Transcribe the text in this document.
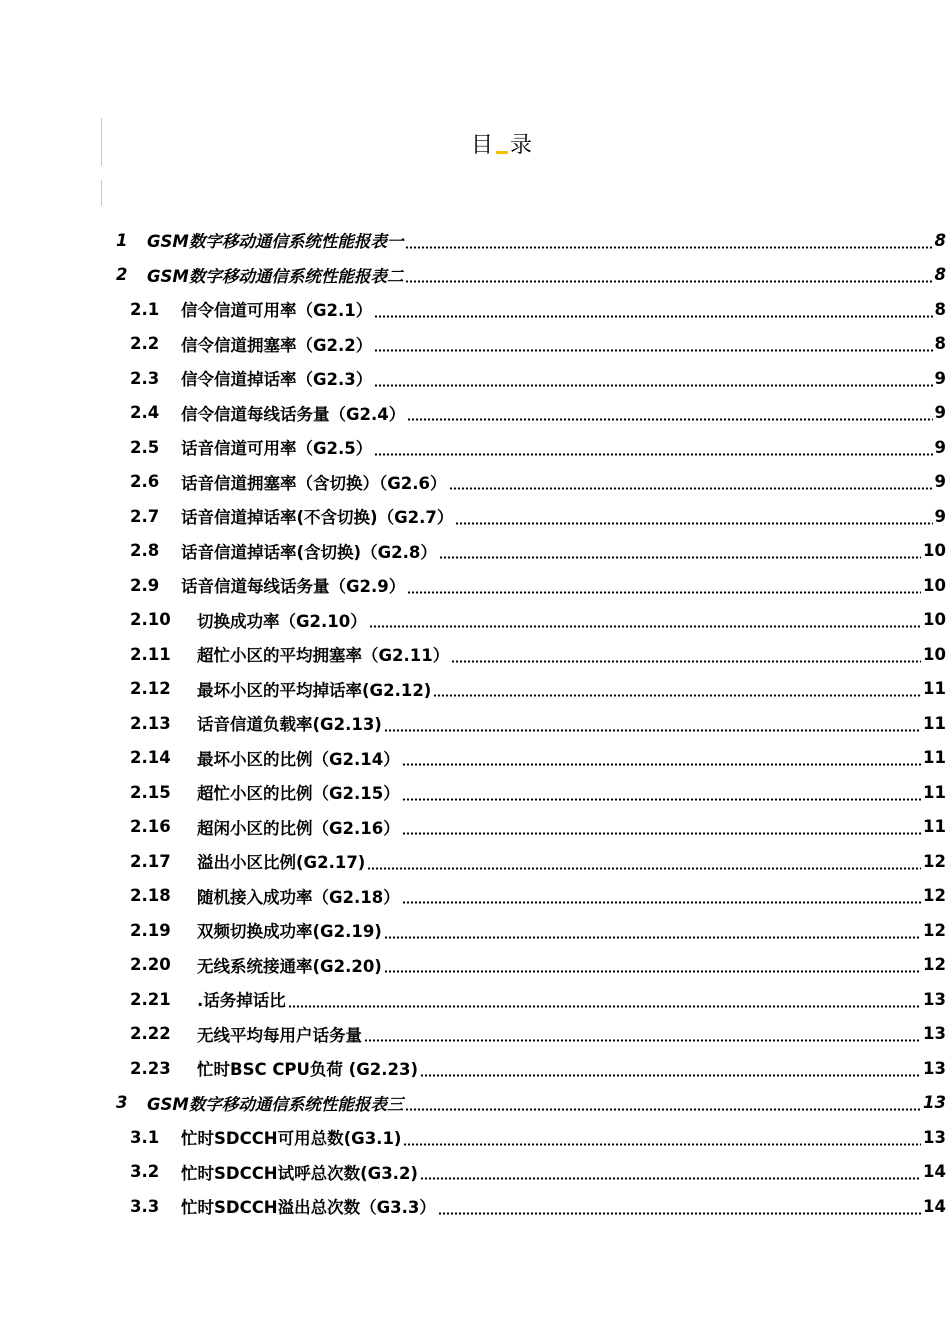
目 录
1	GSM数字移动通信系统性能报表一	8
2	GSM数字移动通信系统性能报表二	8
2.1	信令信道可用率（G2.1）	8
2.2	信令信道拥塞率（G2.2）	8
2.3	信令信道掉话率（G2.3）	9
2.4	信令信道每线话务量（G2.4）	9
2.5	话音信道可用率（G2.5）	9
2.6	话音信道拥塞率（含切换）（G2.6）	9
2.7	话音信道掉话率(不含切换)（G2.7）	9
2.8	话音信道掉话率(含切换)（G2.8）	10
2.9	话音信道每线话务量（G2.9）	10
2.10	切换成功率（G2.10）	10
2.11	超忙小区的平均拥塞率（G2.11）	10
2.12	最坏小区的平均掉话率(G2.12)	11
2.13	话音信道负载率(G2.13)	11
2.14	最坏小区的比例（G2.14）	11
2.15	超忙小区的比例（G2.15）	11
2.16	超闲小区的比例（G2.16）	11
2.17	溢出小区比例(G2.17)	12
2.18	随机接入成功率（G2.18）	12
2.19	双频切换成功率(G2.19)	12
2.20	无线系统接通率(G2.20)	12
2.21	.话务掉话比	13
2.22	无线平均每用户话务量	13
2.23	忙时BSC CPU负荷 (G2.23)	13
3	GSM数字移动通信系统性能报表三	13
3.1	忙时SDCCH可用总数(G3.1)	13
3.2	忙时SDCCH试呼总次数(G3.2)	14
3.3	忙时SDCCH溢出总次数（G3.3）	14
